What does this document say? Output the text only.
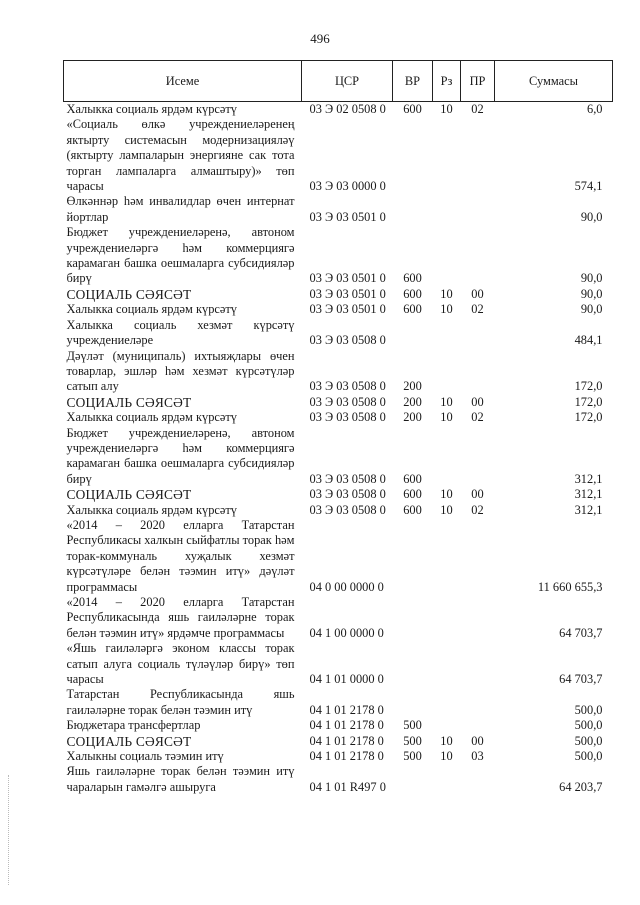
496
Исеме	ЦСР	ВР	Рз	ПР	Суммасы
Халыкка социаль ярдәм күрсәтү	03 Э 02 0508 0	600	10	02	6,0
«Социаль өлкә учреждениеләренең яктырту системасын модернизацияләү (яктырту лампаларын энергияне сак тота торган лампаларга алмаштыру)» төп чарасы	03 Э 03 0000 0				574,1
Өлкәннәр һәм инвалидлар өчен интернат йортлар	03 Э 03 0501 0				90,0
Бюджет учреждениеләренә, автоном учреждениеләргә һәм коммерциягә карамаган башка оешмаларга субсидияләр бирү	03 Э 03 0501 0	600			90,0
СОЦИАЛЬ СӘЯСӘТ	03 Э 03 0501 0	600	10	00	90,0
Халыкка социаль ярдәм күрсәтү	03 Э 03 0501 0	600	10	02	90,0
Халыкка социаль хезмәт күрсәтү учреждениеләре	03 Э 03 0508 0				484,1
Дәүләт (муниципаль) ихтыяҗлары өчен товарлар, эшләр һәм хезмәт күрсәтүләр сатып алу	03 Э 03 0508 0	200			172,0
СОЦИАЛЬ СӘЯСӘТ	03 Э 03 0508 0	200	10	00	172,0
Халыкка социаль ярдәм күрсәтү	03 Э 03 0508 0	200	10	02	172,0
Бюджет учреждениеләренә, автоном учреждениеләргә һәм коммерциягә карамаган башка оешмаларга субсидияләр бирү	03 Э 03 0508 0	600			312,1
СОЦИАЛЬ СӘЯСӘТ	03 Э 03 0508 0	600	10	00	312,1
Халыкка социаль ярдәм күрсәтү	03 Э 03 0508 0	600	10	02	312,1
«2014 – 2020 елларга Татарстан Республикасы халкын сыйфатлы торак һәм торак-коммуналь хуҗалык хезмәт күрсәтүләре белән тәэмин итү» дәүләт программасы	04 0 00 0000 0				11 660 655,3
«2014 – 2020 елларга Татарстан Республикасында яшь гаиләләрне торак белән тәэмин итү» ярдәмче программасы	04 1 00 0000 0				64 703,7
«Яшь гаиләләргә эконом классы торак сатып алуга социаль түләүләр бирү» төп чарасы	04 1 01 0000 0				64 703,7
Татарстан Республикасында яшь гаиләләрне торак белән тәэмин итү	04 1 01 2178 0				500,0
Бюджетара трансфертлар	04 1 01 2178 0	500			500,0
СОЦИАЛЬ СӘЯСӘТ	04 1 01 2178 0	500	10	00	500,0
Халыкны социаль тәэмин итү	04 1 01 2178 0	500	10	03	500,0
Яшь гаиләләрне торак белән тәэмин итү чараларын гамәлгә ашыруга	04 1 01 R497 0				64 203,7
